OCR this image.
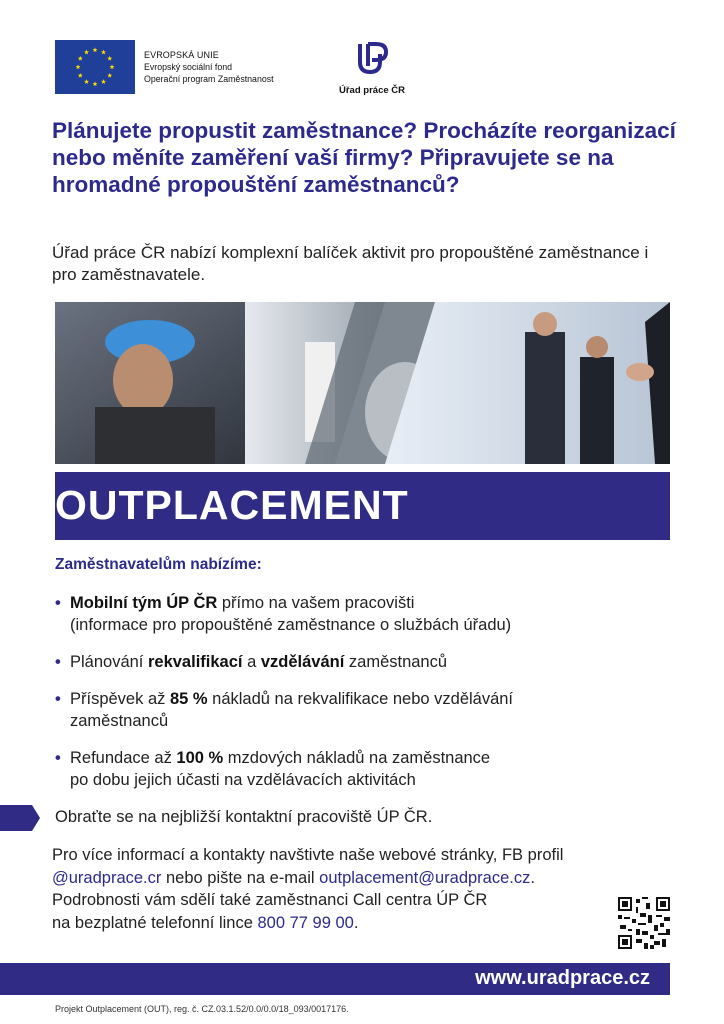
EVROPSKÁ UNIE
Evropský sociální fond
Operační program Zaměstnanost
Úřad práce ČR
Plánujete propustit zaměstnance? Procházíte reorganizací nebo měníte zaměření vaší firmy? Připravujete se na hromadné propouštění zaměstnanců?
Úřad práce ČR nabízí komplexní balíček aktivit pro propouštěné zaměstnance i pro zaměstnavatele.
OUTPLACEMENT
Zaměstnavatelům nabízíme:
• Mobilní tým ÚP ČR přímo na vašem pracovišti
(informace pro propouštěné zaměstnance o službách úřadu)
• Plánování rekvalifikací a vzdělávání zaměstnanců
• Příspěvek až 85 % nákladů na rekvalifikace nebo vzdělávání
zaměstnanců
• Refundace až 100 % mzdových nákladů na zaměstnance
po dobu jejich účasti na vzdělávacích aktivitách
Obraťte se na nejbližší kontaktní pracoviště ÚP ČR.
Pro více informací a kontakty navštivte naše webové stránky, FB profil
@uradprace.cr nebo pište na e-mail outplacement@uradprace.cz.
Podrobnosti vám sdělí také zaměstnanci Call centra ÚP ČR
na bezplatné telefonní lince 800 77 99 00.
www.uradprace.cz
Projekt Outplacement (OUT), reg. č. CZ.03.1.52/0.0/0.0/18_093/0017176.
